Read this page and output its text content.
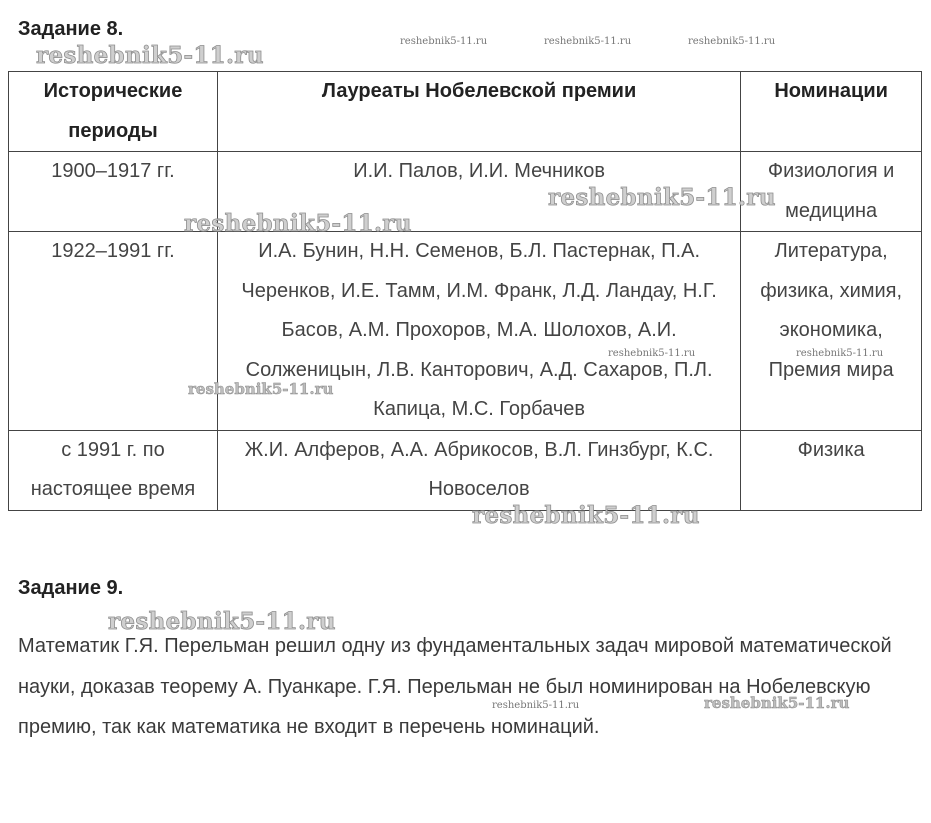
Задание 8.
Исторические периоды	Лауреаты Нобелевской премии	Номинации
1900–1917 гг.	И.И. Палов, И.И. Мечников	Физиология и медицина
1922–1991 гг.	И.А. Бунин, Н.Н. Семенов, Б.Л. Пастернак, П.А. Черенков, И.Е. Тамм, И.М. Франк, Л.Д. Ландау, Н.Г. Басов, А.М. Прохоров, М.А. Шолохов, А.И. Солженицын, Л.В. Канторович, А.Д. Сахаров, П.Л. Капица, М.С. Горбачев	Литература, физика, химия, экономика, Премия мира
с 1991 г. по настоящее время	Ж.И. Алферов, А.А. Абрикосов, В.Л. Гинзбург, К.С. Новоселов	Физика
Задание 9.
Математик Г.Я. Перельман решил одну из фундаментальных задач мировой математической науки, доказав теорему А. Пуанкаре. Г.Я. Перельман не был номинирован на Нобелевскую премию, так как математика не входит в перечень номинаций.
reshebnik5-11.ru
reshebnik5-11.ru	reshebnik5-11.ru	reshebnik5-11.ru
reshebnik5-11.ru
reshebnik5-11.ru
reshebnik5-11.ru	reshebnik5-11.ru
reshebnik5-11.ru
reshebnik5-11.ru
reshebnik5-11.ru
reshebnik5-11.ru	reshebnik5-11.ru
